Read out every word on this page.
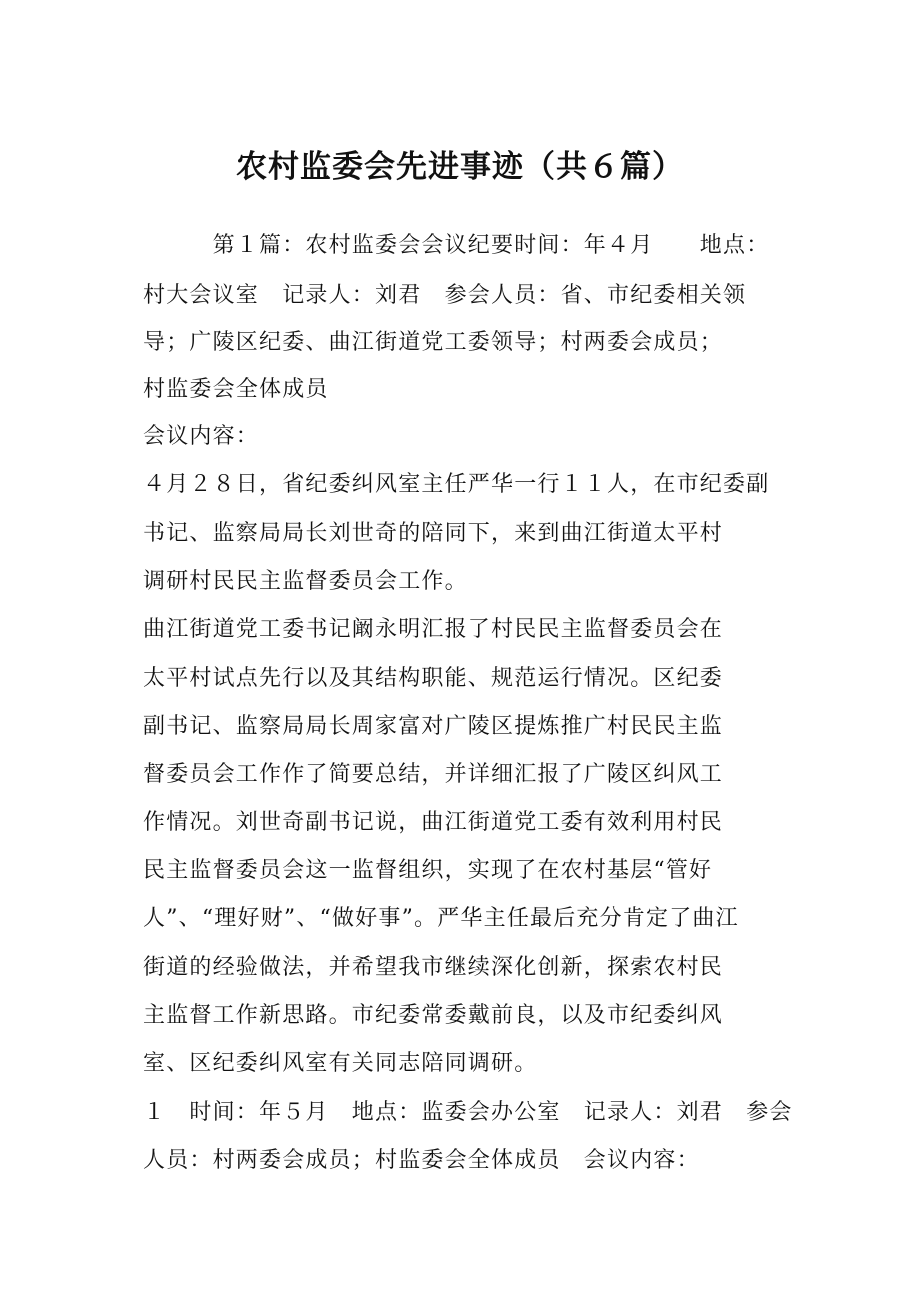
农村监委会先进事迹（共６篇）
　　　第１篇：农村监委会会议纪要时间：年４月　　地点：
村大会议室　记录人：刘君　参会人员：省、市纪委相关领
导；广陵区纪委、曲江街道党工委领导；村两委会成员；
村监委会全体成员
会议内容：
４月２８日，省纪委纠风室主任严华一行１１人，在市纪委副
书记、监察局局长刘世奇的陪同下，来到曲江街道太平村
调研村民民主监督委员会工作。
曲江街道党工委书记阚永明汇报了村民民主监督委员会在
太平村试点先行以及其结构职能、规范运行情况。区纪委
副书记、监察局局长周家富对广陵区提炼推广村民民主监
督委员会工作作了简要总结，并详细汇报了广陵区纠风工
作情况。刘世奇副书记说，曲江街道党工委有效利用村民
民主监督委员会这一监督组织，实现了在农村基层“管好
人”、“理好财”、“做好事”。严华主任最后充分肯定了曲江
街道的经验做法，并希望我市继续深化创新，探索农村民
主监督工作新思路。市纪委常委戴前良，以及市纪委纠风
室、区纪委纠风室有关同志陪同调研。
１　时间：年５月　地点：监委会办公室　记录人：刘君　参会
人员：村两委会成员；村监委会全体成员　会议内容：
